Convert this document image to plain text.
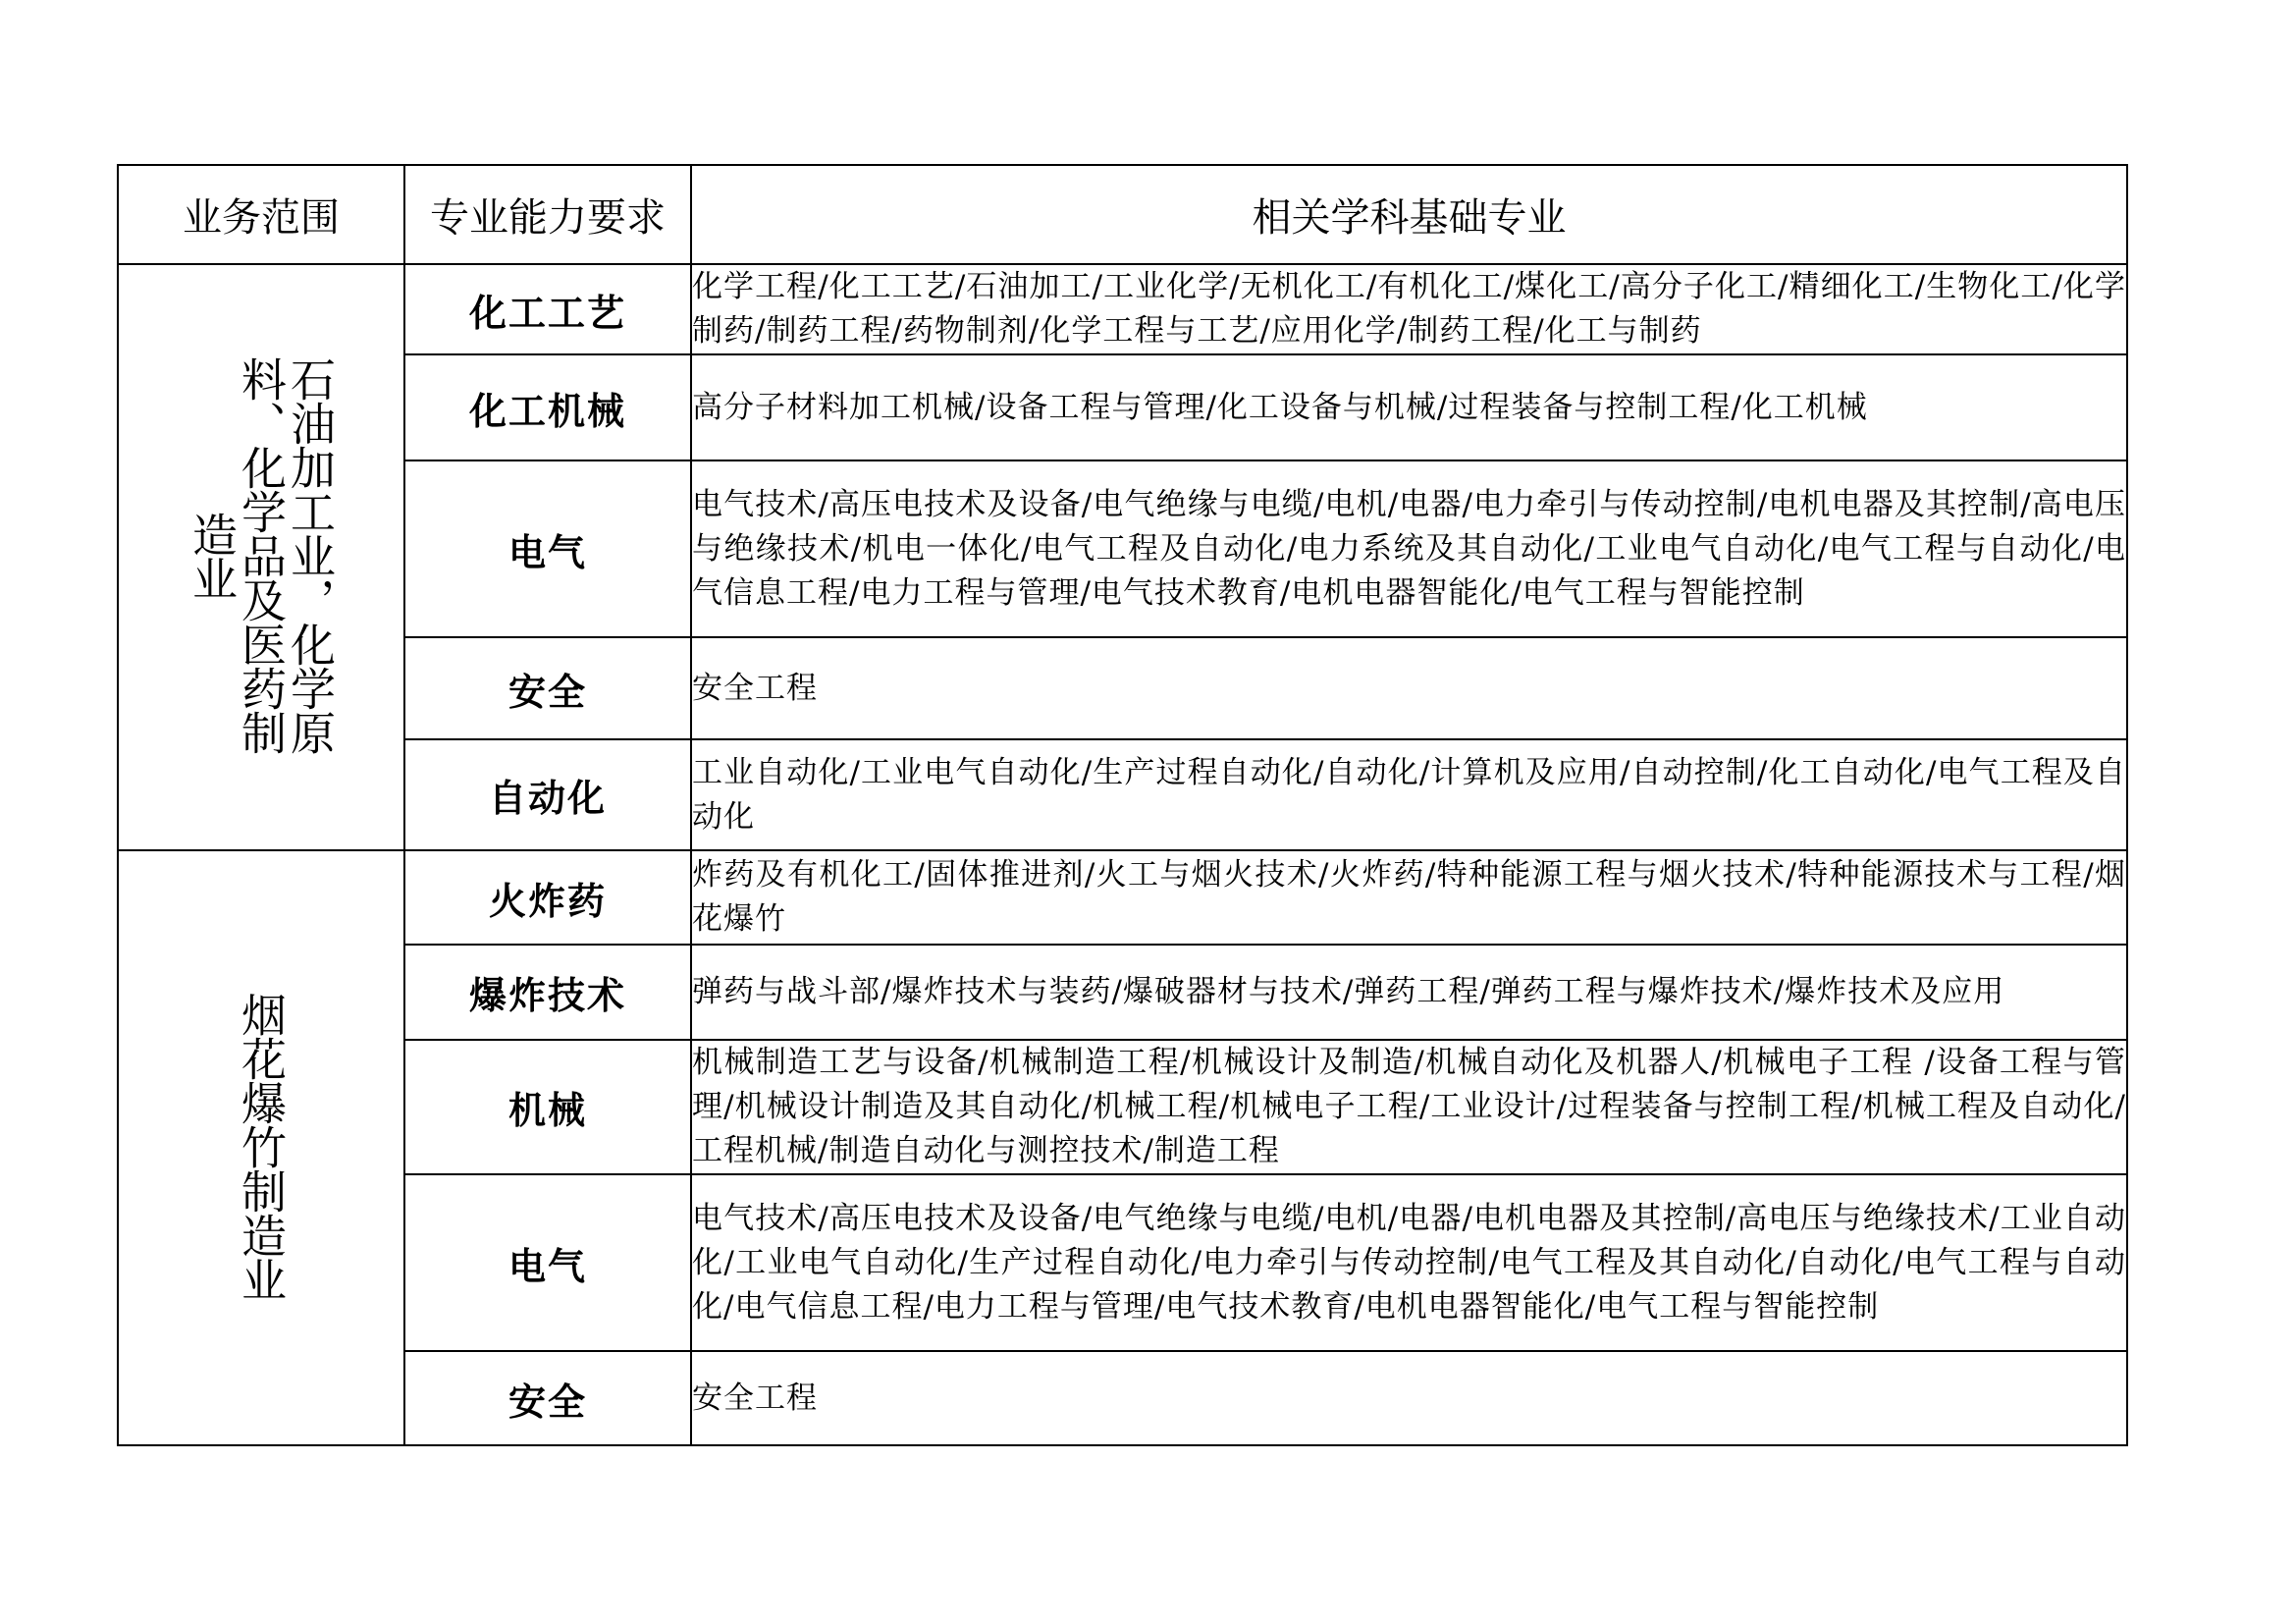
业务范围	专业能力要求	相关学科基础专业
石油加工业，化学原料、化学品及医药制造业	化工工艺	化学工程/化工工艺/石油加工/工业化学/无机化工/有机化工/煤化工/高分子化工/精细化工/生物化工/化学制药/制药工程/药物制剂/化学工程与工艺/应用化学/制药工程/化工与制药
	化工机械	高分子材料加工机械/设备工程与管理/化工设备与机械/过程装备与控制工程/化工机械
	电气	电气技术/高压电技术及设备/电气绝缘与电缆/电机/电器/电力牵引与传动控制/电机电器及其控制/高电压与绝缘技术/机电一体化/电气工程及自动化/电力系统及其自动化/工业电气自动化/电气工程与自动化/电气信息工程/电力工程与管理/电气技术教育/电机电器智能化/电气工程与智能控制
	安全	安全工程
	自动化	工业自动化/工业电气自动化/生产过程自动化/自动化/计算机及应用/自动控制/化工自动化/电气工程及自动化
烟花爆竹制造业	火炸药	炸药及有机化工/固体推进剂/火工与烟火技术/火炸药/特种能源工程与烟火技术/特种能源技术与工程/烟花爆竹
	爆炸技术	弹药与战斗部/爆炸技术与装药/爆破器材与技术/弹药工程/弹药工程与爆炸技术/爆炸技术及应用
	机械	机械制造工艺与设备/机械制造工程/机械设计及制造/机械自动化及机器人/机械电子工程 /设备工程与管理/机械设计制造及其自动化/机械工程/机械电子工程/工业设计/过程装备与控制工程/机械工程及自动化/工程机械/制造自动化与测控技术/制造工程
	电气	电气技术/高压电技术及设备/电气绝缘与电缆/电机/电器/电机电器及其控制/高电压与绝缘技术/工业自动化/工业电气自动化/生产过程自动化/电力牵引与传动控制/电气工程及其自动化/自动化/电气工程与自动化/电气信息工程/电力工程与管理/电气技术教育/电机电器智能化/电气工程与智能控制
	安全	安全工程
